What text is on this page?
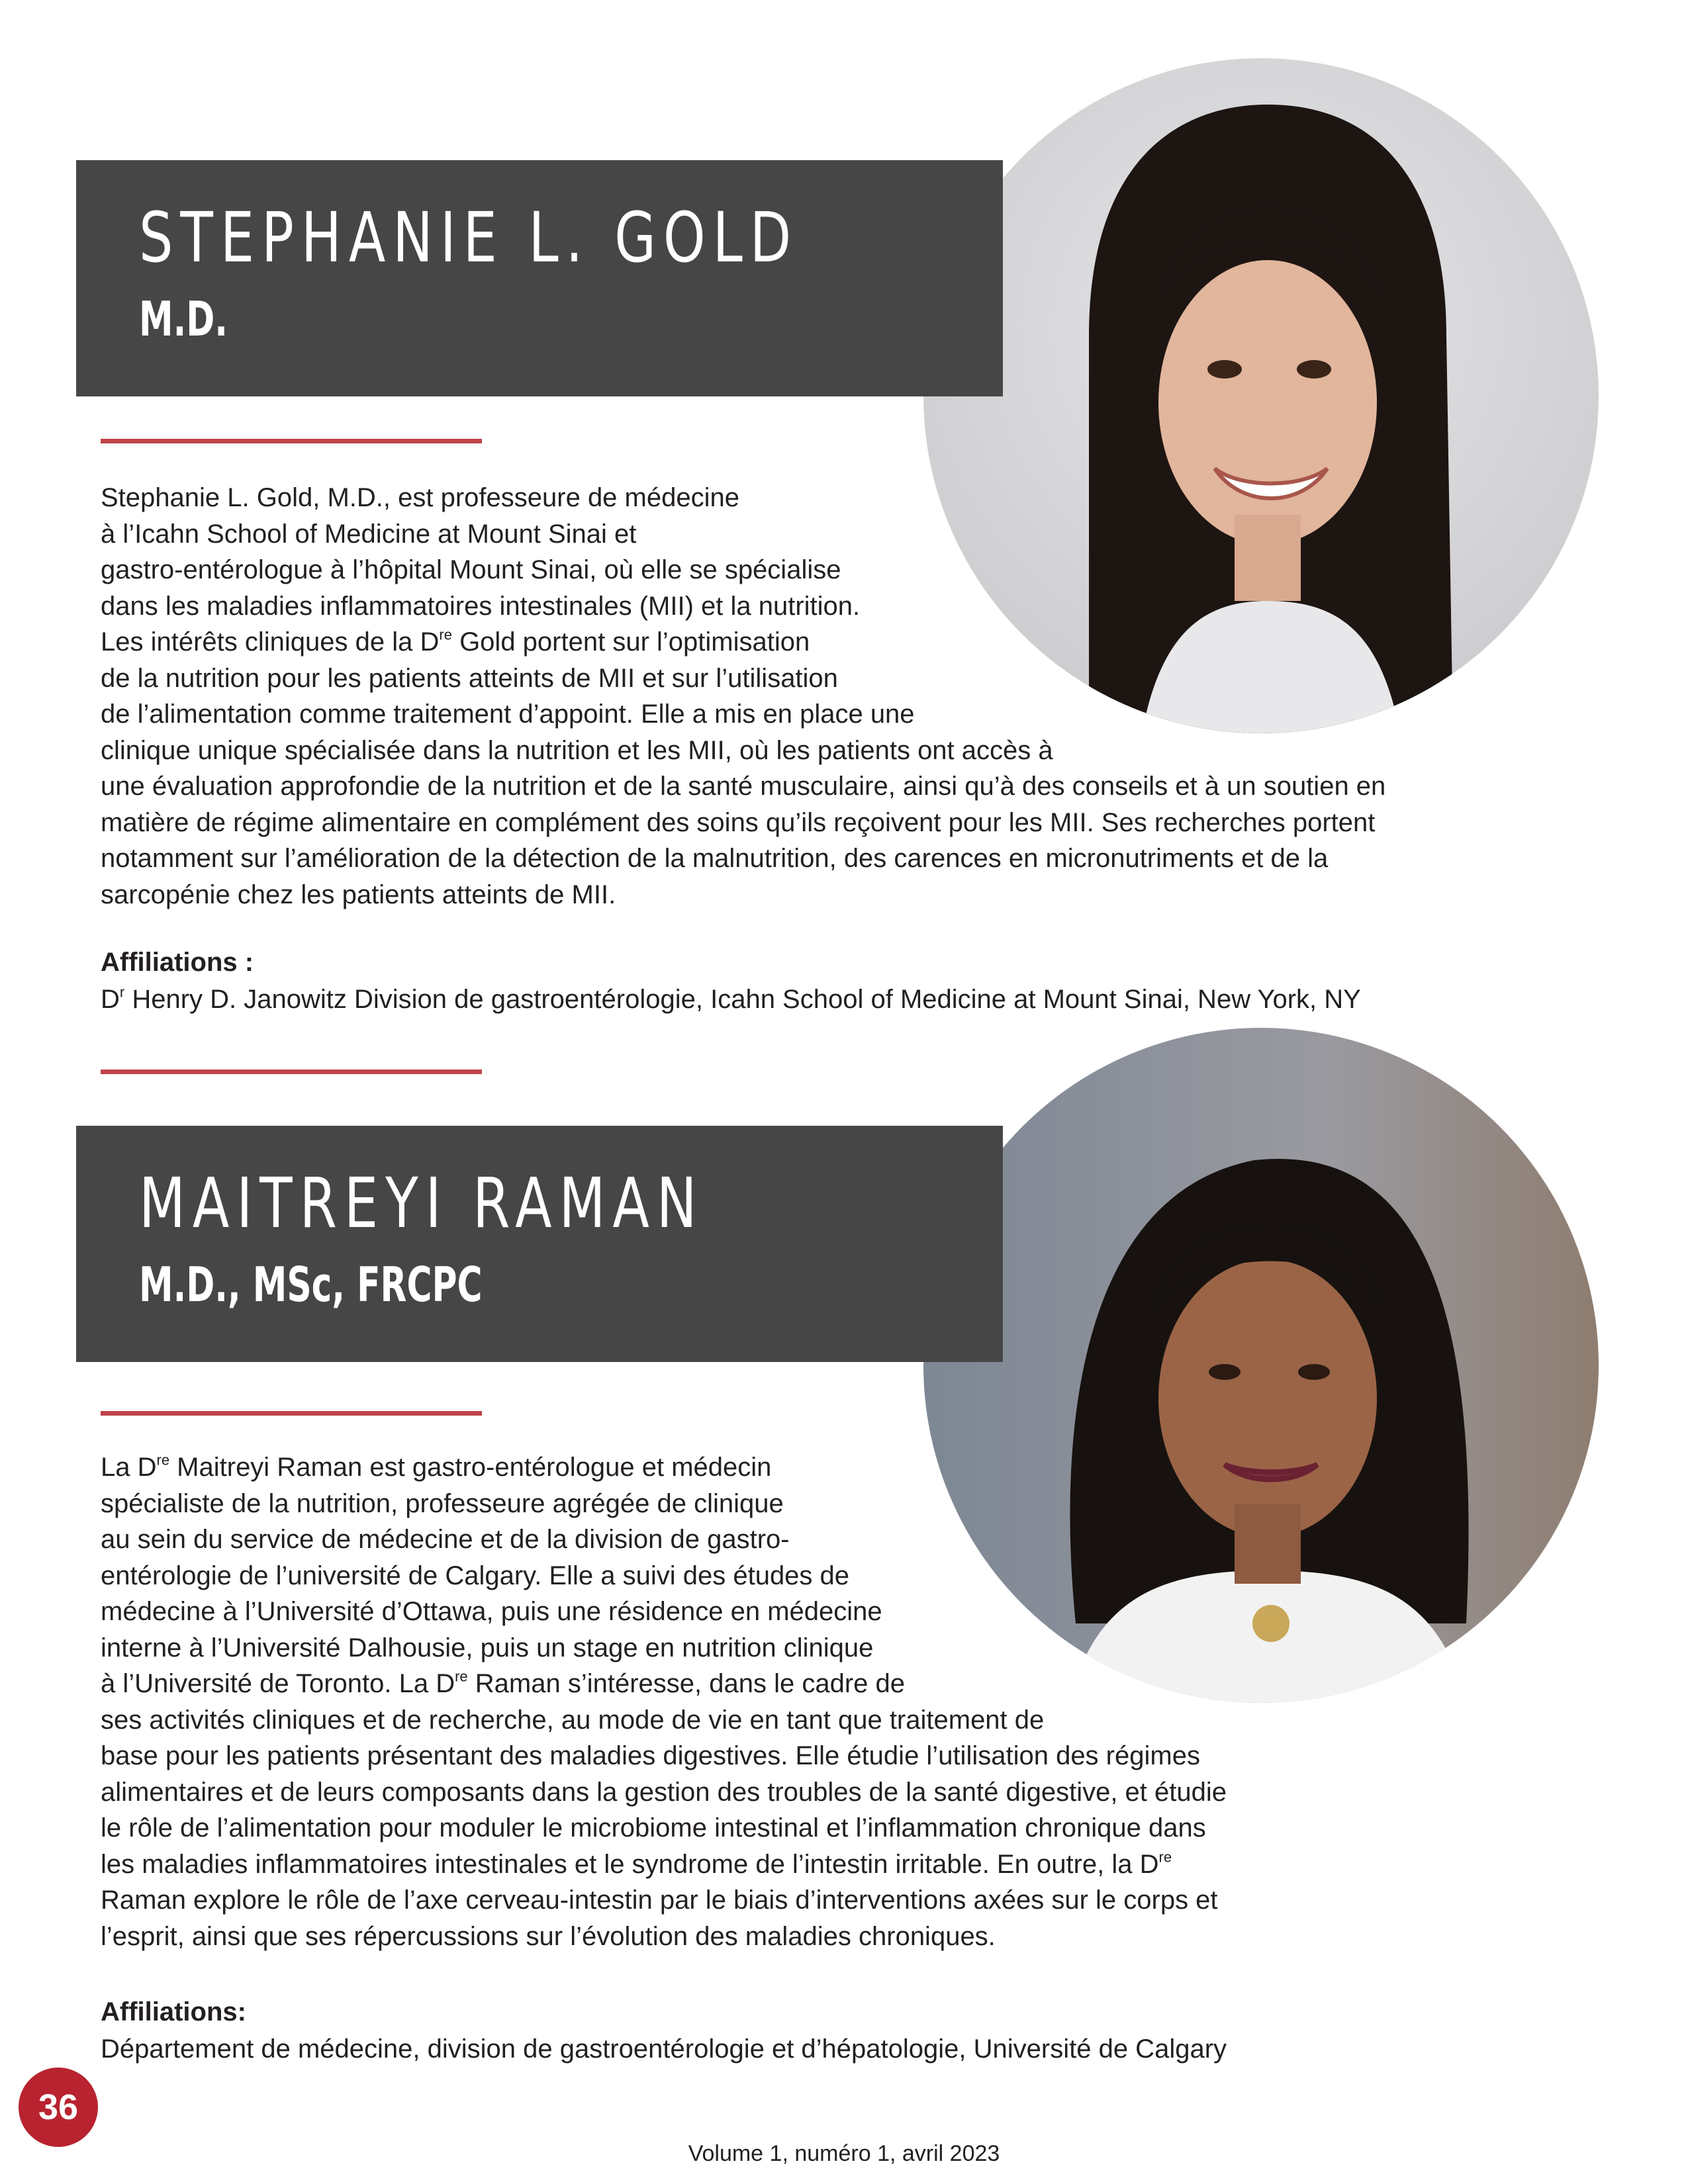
STEPHANIE L. GOLD
M.D.
Stephanie L. Gold, M.D., est professeure de médecine
à l’Icahn School of Medicine at Mount Sinai et
gastro-entérologue à l’hôpital Mount Sinai, où elle se spécialise
dans les maladies inflammatoires intestinales (MII) et la nutrition.
Les intérêts cliniques de la Dre Gold portent sur l’optimisation
de la nutrition pour les patients atteints de MII et sur l’utilisation
de l’alimentation comme traitement d’appoint. Elle a mis en place une
clinique unique spécialisée dans la nutrition et les MII, où les patients ont accès à
une évaluation approfondie de la nutrition et de la santé musculaire, ainsi qu’à des conseils et à un soutien en
matière de régime alimentaire en complément des soins qu’ils reçoivent pour les MII. Ses recherches portent
notamment sur l’amélioration de la détection de la malnutrition, des carences en micronutriments et de la
sarcopénie chez les patients atteints de MII.
Affiliations :
$D^r$ Henry D. Janowitz Division de gastroentérologie, Icahn School of Medicine at Mount Sinai, New York, NY
MAITREYI RAMAN
M.D., MSc, FRCPC
La Dre Maitreyi Raman est gastro-entérologue et médecin
spécialiste de la nutrition, professeure agrégée de clinique
au sein du service de médecine et de la division de gastro-
entérologie de l’université de Calgary. Elle a suivi des études de
médecine à l’Université d’Ottawa, puis une résidence en médecine
interne à l’Université Dalhousie, puis un stage en nutrition clinique
à l’Université de Toronto. La Dre Raman s’intéresse, dans le cadre de
ses activités cliniques et de recherche, au mode de vie en tant que traitement de
base pour les patients présentant des maladies digestives. Elle étudie l’utilisation des régimes
alimentaires et de leurs composants dans la gestion des troubles de la santé digestive, et étudie
le rôle de l’alimentation pour moduler le microbiome intestinal et l’inflammation chronique dans
les maladies inflammatoires intestinales et le syndrome de l’intestin irritable. En outre, la Dre
Raman explore le rôle de l’axe cerveau-intestin par le biais d’interventions axées sur le corps et
l’esprit, ainsi que ses répercussions sur l’évolution des maladies chroniques.
Affiliations:
Département de médecine, division de gastroentérologie et d’hépatologie, Université de Calgary
36
Volume 1, numéro 1, avril 2023
